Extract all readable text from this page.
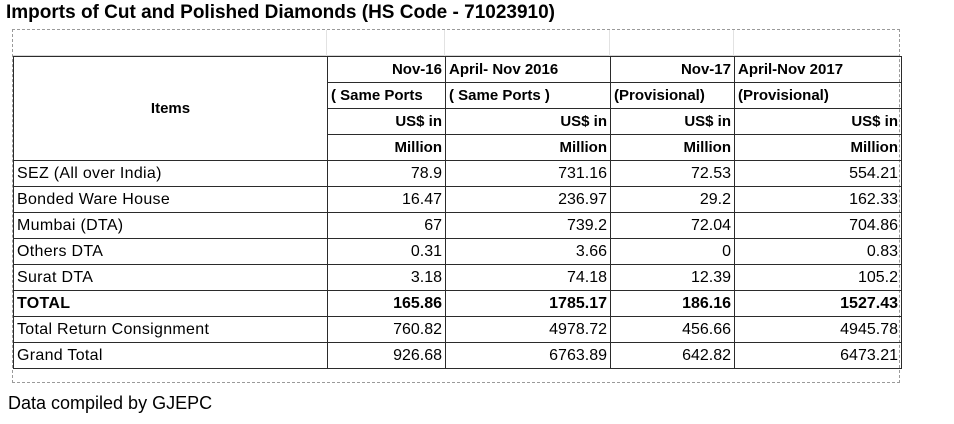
Imports of Cut and Polished Diamonds (HS Code - 71023910)
Items	Nov-16	April- Nov 2016	Nov-17	April-Nov 2017
	( Same Ports	( Same Ports )	(Provisional)	(Provisional)
	US$ in	US$ in	US$ in	US$ in
	Million	Million	Million	Million
SEZ (All over India)	78.9	731.16	72.53	554.21
Bonded Ware House	16.47	236.97	29.2	162.33
Mumbai (DTA)	67	739.2	72.04	704.86
Others DTA	0.31	3.66	0	0.83
Surat DTA	3.18	74.18	12.39	105.2
TOTAL	165.86	1785.17	186.16	1527.43
Total Return Consignment	760.82	4978.72	456.66	4945.78
Grand Total	926.68	6763.89	642.82	6473.21
Data compiled by GJEPC
